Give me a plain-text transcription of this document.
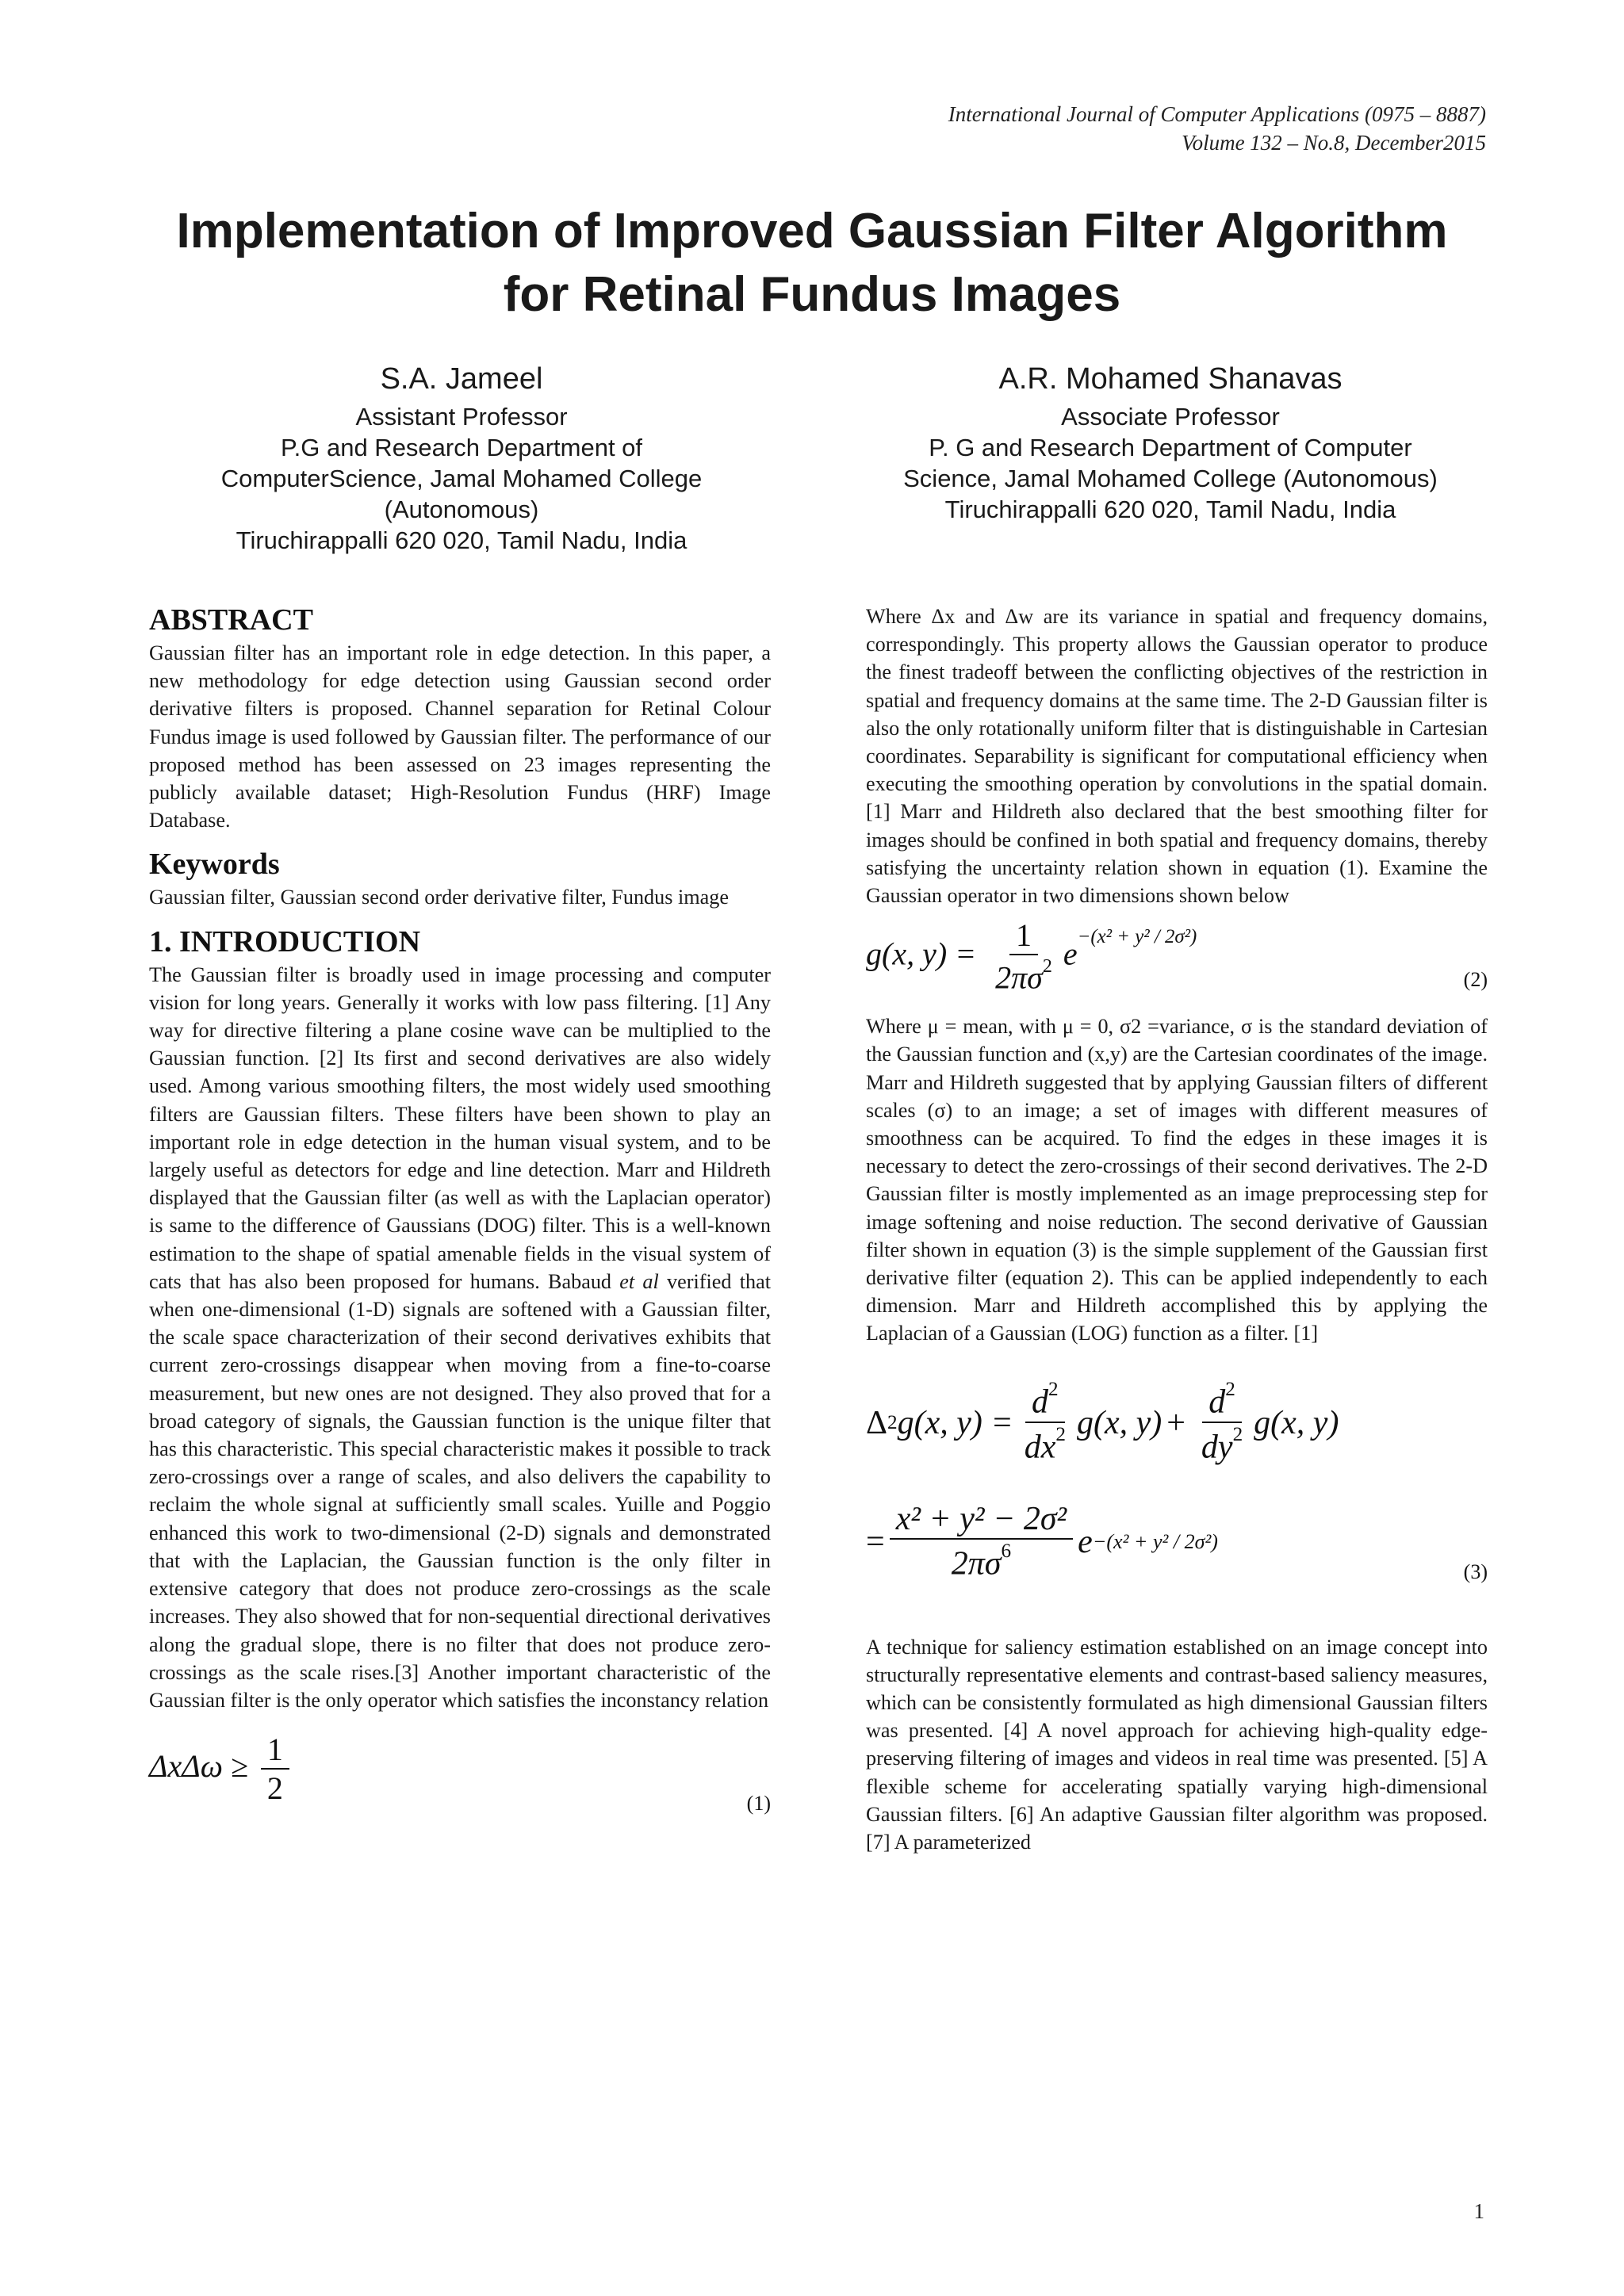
International Journal of Computer Applications (0975 – 8887)
Volume 132 – No.8, December2015
Implementation of Improved Gaussian Filter Algorithm
for Retinal Fundus Images
S.A. Jameel
Assistant Professor
P.G and Research Department of
ComputerScience, Jamal Mohamed College
(Autonomous)
Tiruchirappalli 620 020, Tamil Nadu, India
A.R. Mohamed Shanavas
Associate Professor
P. G and Research Department of Computer
Science, Jamal Mohamed College (Autonomous)
Tiruchirappalli 620 020, Tamil Nadu, India
ABSTRACT

Gaussian filter has an important role in edge detection. In this paper, a new methodology for edge detection using Gaussian second order derivative filters is proposed. Channel separation for Retinal Colour Fundus image is used followed by Gaussian filter. The performance of our proposed method has been assessed on 23 images representing the publicly available dataset; High-Resolution Fundus (HRF) Image Database.

Keywords

Gaussian filter, Gaussian second order derivative filter, Fundus image

1. INTRODUCTION

The Gaussian filter is broadly used in image processing and computer vision for long years. Generally it works with low pass filtering. [1] Any way for directive filtering a plane cosine wave can be multiplied to the Gaussian function. [2] Its first and second derivatives are also widely used. Among various smoothing filters, the most widely used smoothing filters are Gaussian filters. These filters have been shown to play an important role in edge detection in the human visual system, and to be largely useful as detectors for edge and line detection. Marr and Hildreth displayed that the Gaussian filter (as well as with the Laplacian operator) is same to the difference of Gaussians (DOG) filter. This is a well-known estimation to the shape of spatial amenable fields in the visual system of cats that has also been proposed for humans. Babaud et al verified that when one-dimensional (1-D) signals are softened with a Gaussian filter, the scale space characterization of their second derivatives exhibits that current zero-crossings disappear when moving from a fine-to-coarse measurement, but new ones are not designed. They also proved that for a broad category of signals, the Gaussian function is the unique filter that has this characteristic. This special characteristic makes it possible to track zero-crossings over a range of scales, and also delivers the capability to reclaim the whole signal at sufficiently small scales. Yuille and Poggio enhanced this work to two-dimensional (2-D) signals and demonstrated that with the Laplacian, the Gaussian function is the only filter in extensive category that does not produce zero-crossings as the scale increases. They also showed that for non-sequential directional derivatives along the gradual slope, there is no filter that does not produce zero-crossings as the scale rises.[3] Another important characteristic of the Gaussian filter is the only operator which satisfies the inconstancy relation

$\Delta x\Delta\omega \ge \frac{1}{2}$	(1)

Where Δx and Δw are its variance in spatial and frequency domains, correspondingly. This property allows the Gaussian operator to produce the finest tradeoff between the conflicting objectives of the restriction in spatial and frequency domains at the same time. The 2-D Gaussian filter is also the only rotationally uniform filter that is distinguishable in Cartesian coordinates. Separability is significant for computational efficiency when executing the smoothing operation by convolutions in the spatial domain. [1] Marr and Hildreth also declared that the best smoothing filter for images should be confined in both spatial and frequency domains, thereby satisfying the uncertainty relation shown in equation (1). Examine the Gaussian operator in two dimensions shown below

g(x, $y) = \frac{1}{2\pi\sigma^2} e^{-(x^2 + y^2 / 2\sigma^2)}$
(2)

Where μ = mean, with μ = 0, σ2 =variance, σ is the standard deviation of the Gaussian function and (x,y) are the Cartesian coordinates of the image. Marr and Hildreth suggested that by applying Gaussian filters of different scales (σ) to an image; a set of images with different measures of smoothness can be acquired. To find the edges in these images it is necessary to detect the zero-crossings of their second derivatives. The 2-D Gaussian filter is mostly implemented as an image preprocessing step for image softening and noise reduction. The second derivative of Gaussian filter shown in equation (3) is the simple supplement of the Gaussian first derivative filter (equation 2). This can be applied independently to each dimension. Marr and Hildreth accomplished this by applying the Laplacian of a Gaussian (LOG) function as a filter. [1]

Δ 2 g(x, $y) = \frac{d^2}{dx^2} g(x$, $y) + \frac{d^2}{dy^2} g(x$, y)
= $\frac{\text{x² + y² − 2σ²}}{2\pi\sigma^6}$ e −(x² + y² / 2σ²)
(3)

A technique for saliency estimation established on an image concept into structurally representative elements and contrast-based saliency measures, which can be consistently formulated as high dimensional Gaussian filters was presented. [4] A novel approach for achieving high-quality edge-preserving filtering of images and videos in real time was presented. [5] A flexible scheme for accelerating spatially varying high-dimensional Gaussian filters. [6] An adaptive Gaussian filter algorithm was proposed. [7] A parameterized

1
